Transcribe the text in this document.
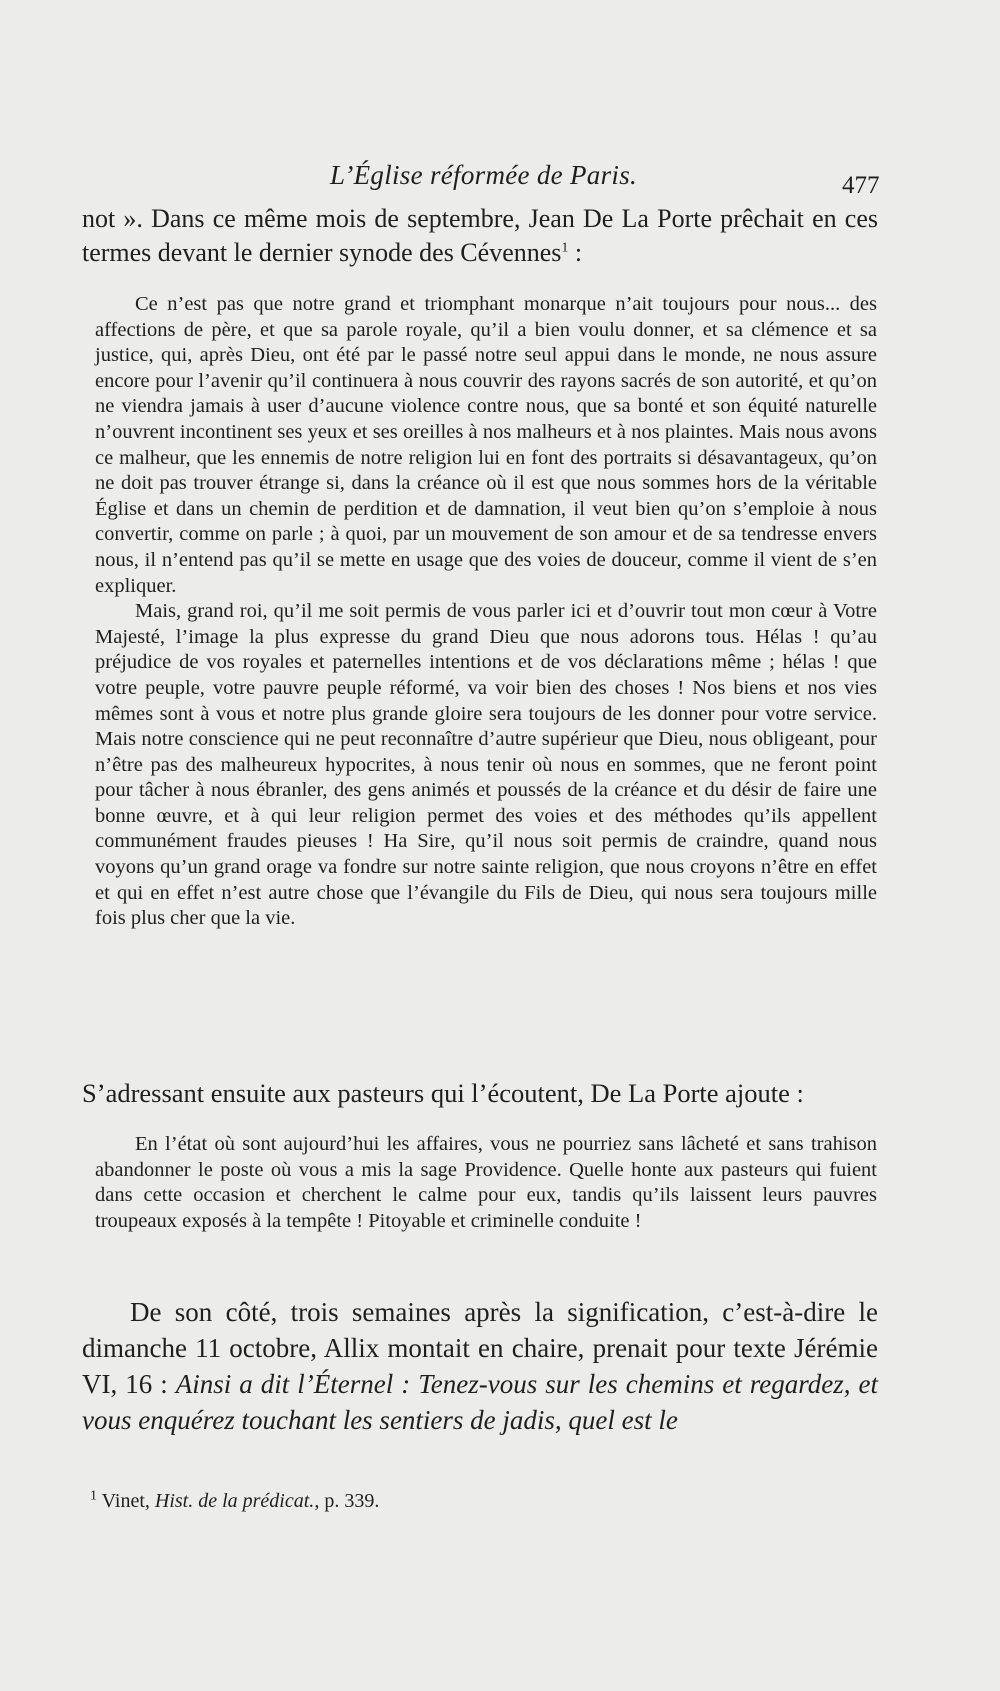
L’Église réformée de Paris.	477

not ». Dans ce même mois de septembre, Jean De La Porte prêchait en ces termes devant le dernier synode des Cévennes$^1$ :

Ce n’est pas que notre grand et triomphant monarque n’ait toujours pour nous... des affections de père, et que sa parole royale, qu’il a bien voulu donner, et sa clémence et sa justice, qui, après Dieu, ont été par le passé notre seul appui dans le monde, ne nous assure encore pour l’avenir qu’il continuera à nous couvrir des rayons sacrés de son autorité, et qu’on ne viendra jamais à user d’aucune violence contre nous, que sa bonté et son équité naturelle n’ouvrent incontinent ses yeux et ses oreilles à nos malheurs et à nos plaintes. Mais nous avons ce malheur, que les ennemis de notre religion lui en font des portraits si désavantageux, qu’on ne doit pas trouver étrange si, dans la créance où il est que nous sommes hors de la véritable Église et dans un chemin de perdition et de damnation, il veut bien qu’on s’emploie à nous convertir, comme on parle ; à quoi, par un mouvement de son amour et de sa tendresse envers nous, il n’entend pas qu’il se mette en usage que des voies de douceur, comme il vient de s’en expliquer.
Mais, grand roi, qu’il me soit permis de vous parler ici et d’ouvrir tout mon cœur à Votre Majesté, l’image la plus expresse du grand Dieu que nous adorons tous. Hélas ! qu’au préjudice de vos royales et paternelles intentions et de vos déclarations même ; hélas ! que votre peuple, votre pauvre peuple réformé, va voir bien des choses ! Nos biens et nos vies mêmes sont à vous et notre plus grande gloire sera toujours de les donner pour votre service. Mais notre conscience qui ne peut reconnaître d’autre supérieur que Dieu, nous obligeant, pour n’être pas des malheureux hypocrites, à nous tenir où nous en sommes, que ne feront point pour tâcher à nous ébranler, des gens animés et poussés de la créance et du désir de faire une bonne œuvre, et à qui leur religion permet des voies et des méthodes qu’ils appellent communément fraudes pieuses ! Ha Sire, qu’il nous soit permis de craindre, quand nous voyons qu’un grand orage va fondre sur notre sainte religion, que nous croyons n’être en effet et qui en effet n’est autre chose que l’évangile du Fils de Dieu, qui nous sera toujours mille fois plus cher que la vie.

S’adressant ensuite aux pasteurs qui l’écoutent, De La Porte ajoute :

En l’état où sont aujourd’hui les affaires, vous ne pourriez sans lâcheté et sans trahison abandonner le poste où vous a mis la sage Providence. Quelle honte aux pasteurs qui fuient dans cette occasion et cherchent le calme pour eux, tandis qu’ils laissent leurs pauvres troupeaux exposés à la tempête ! Pitoyable et criminelle conduite !

De son côté, trois semaines après la signification, c’est-à-dire le dimanche 11 octobre, Allix montait en chaire, prenait pour texte Jérémie VI, 16 : Ainsi a dit l’Éternel : Tenez-vous sur les chemins et regardez, et vous enquérez touchant les sentiers de jadis, quel est le

$^1$ Vinet, Hist. de la prédicat., p. 339.
